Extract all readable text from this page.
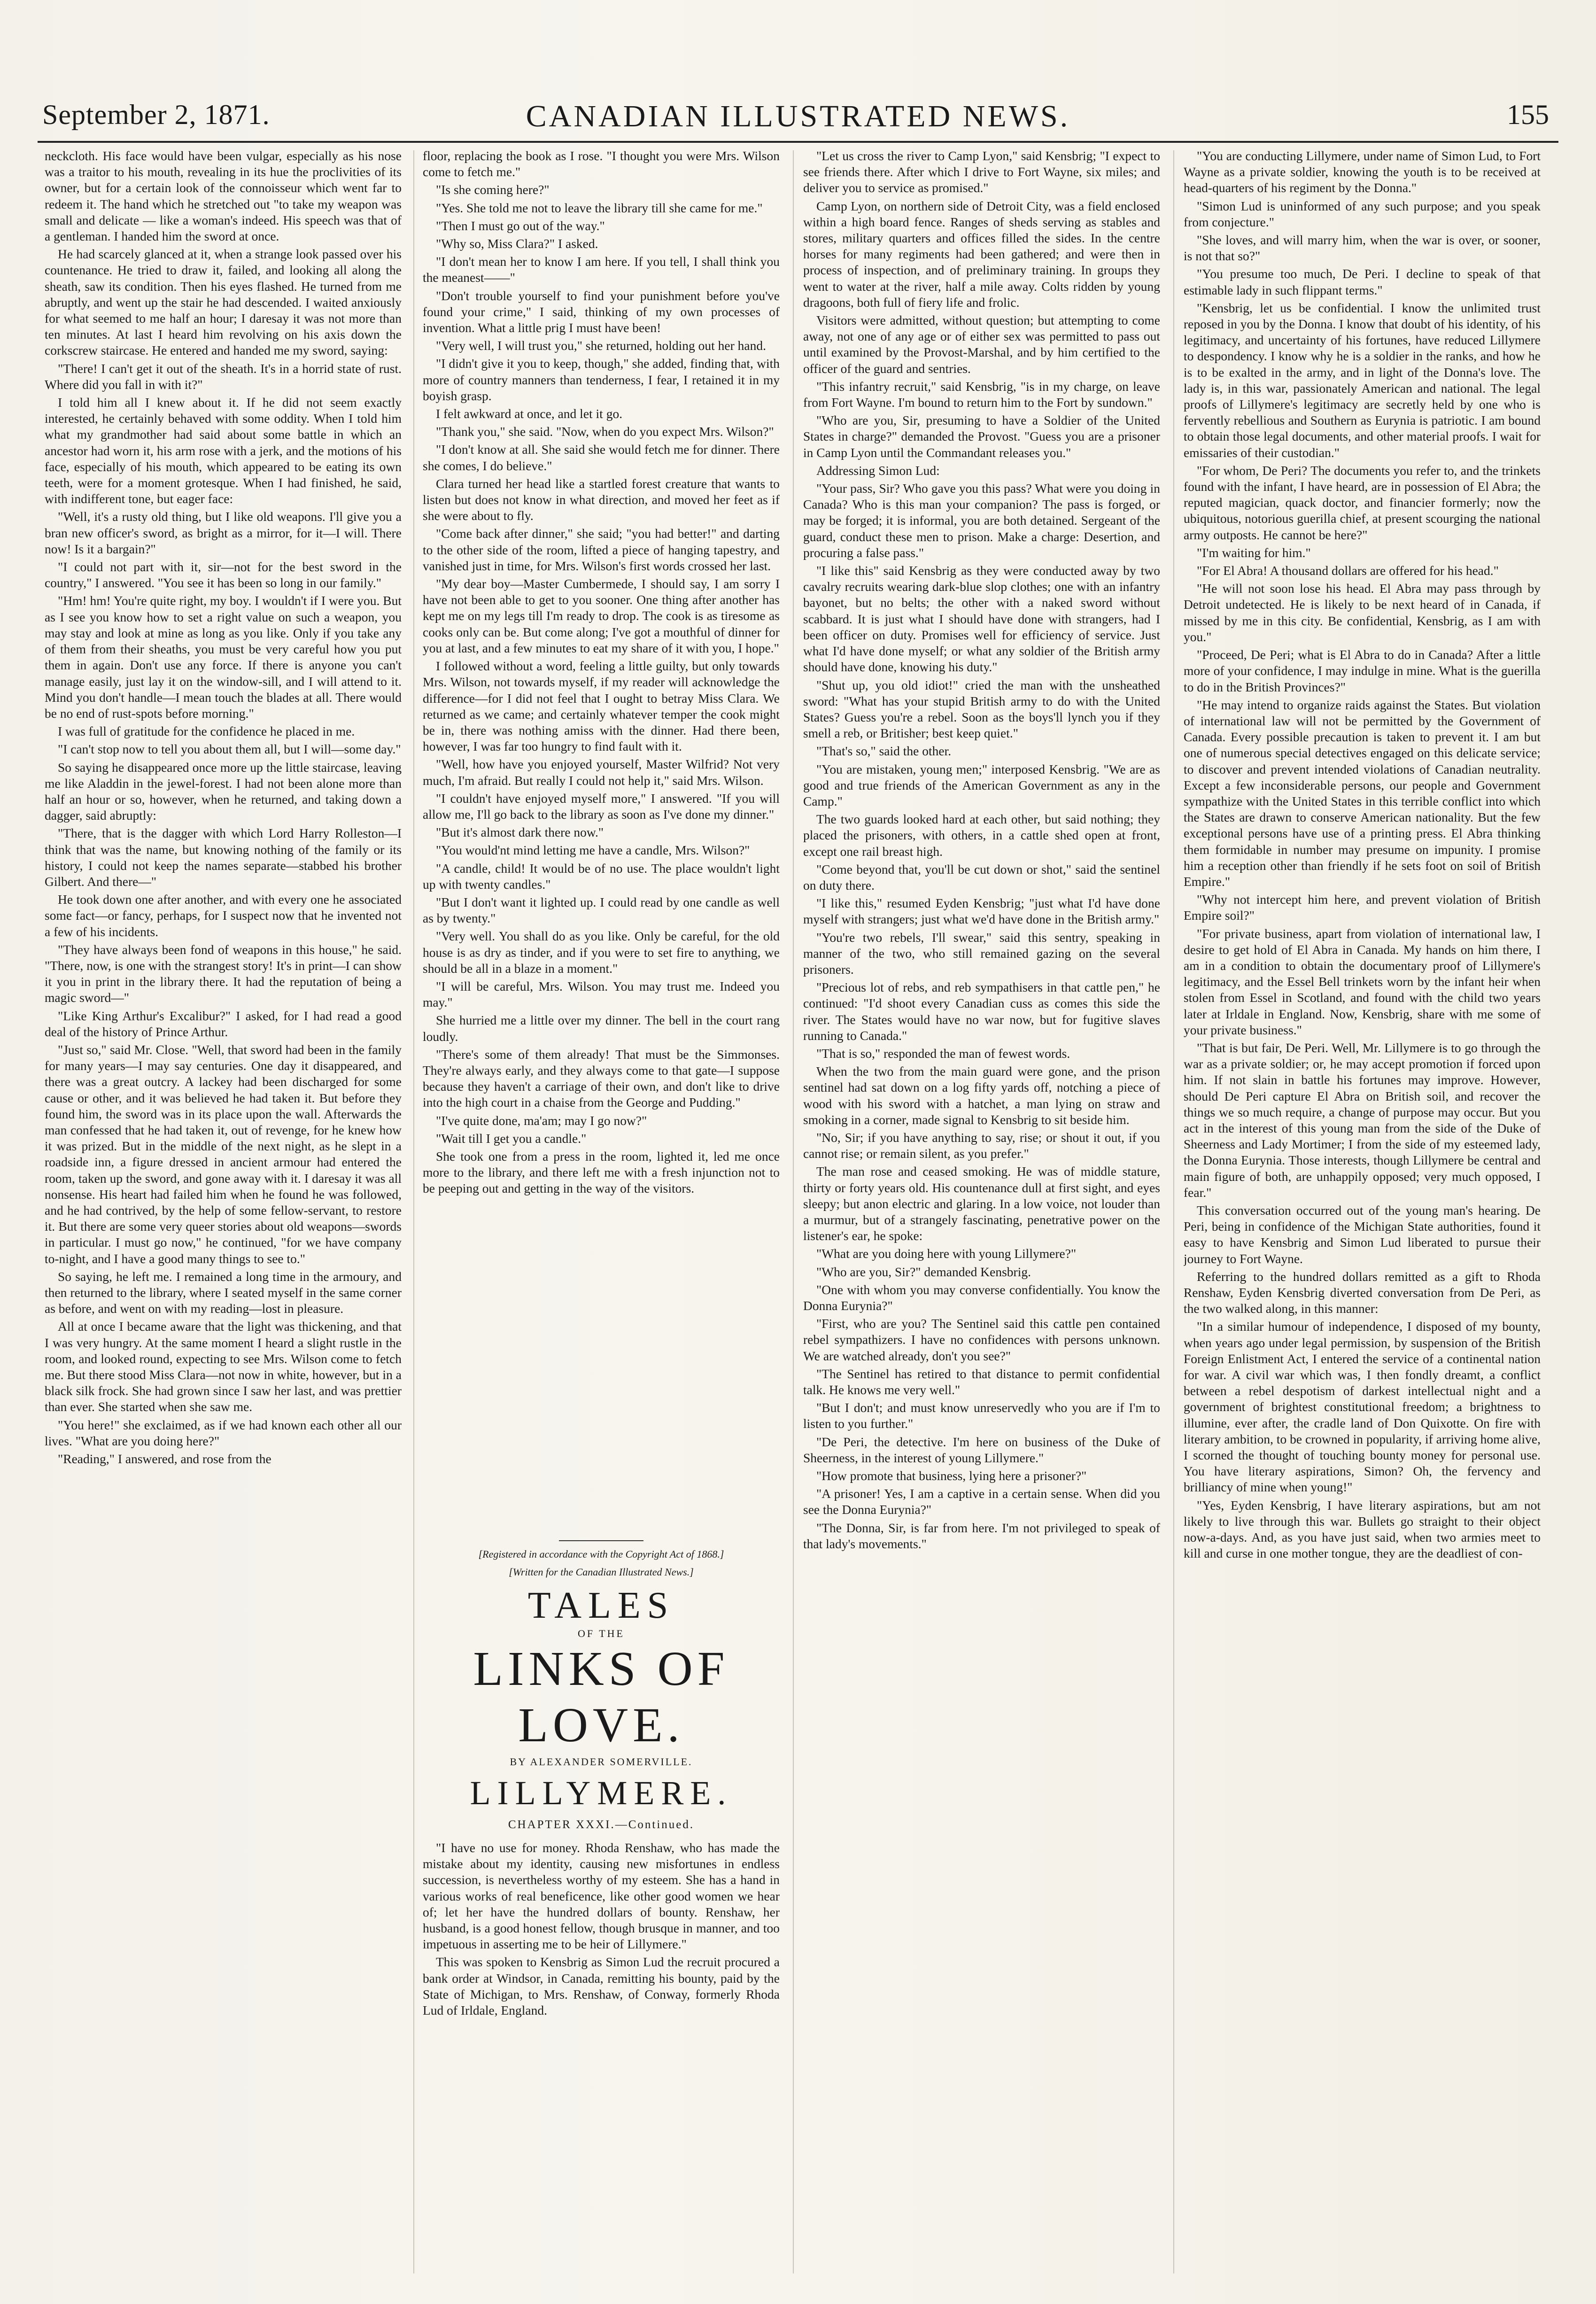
September 2, 1871.	CANADIAN ILLUSTRATED NEWS.	155

neckcloth. His face would have been vulgar, especially as his nose was a traitor to his mouth, revealing in its hue the proclivities of its owner, but for a certain look of the connoisseur which went far to redeem it. The hand which he stretched out "to take my weapon was small and delicate — like a woman's indeed. His speech was that of a gentleman. I handed him the sword at once.

He had scarcely glanced at it, when a strange look passed over his countenance. He tried to draw it, failed, and looking all along the sheath, saw its condition. Then his eyes flashed. He turned from me abruptly, and went up the stair he had descended. I waited anxiously for what seemed to me half an hour; I daresay it was not more than ten minutes. At last I heard him revolving on his axis down the corkscrew staircase. He entered and handed me my sword, saying:

"There! I can't get it out of the sheath. It's in a horrid state of rust. Where did you fall in with it?"

I told him all I knew about it. If he did not seem exactly interested, he certainly behaved with some oddity. When I told him what my grandmother had said about some battle in which an ancestor had worn it, his arm rose with a jerk, and the motions of his face, especially of his mouth, which appeared to be eating its own teeth, were for a moment grotesque. When I had finished, he said, with indifferent tone, but eager face:

"Well, it's a rusty old thing, but I like old weapons. I'll give you a bran new officer's sword, as bright as a mirror, for it—I will. There now! Is it a bargain?"

"I could not part with it, sir—not for the best sword in the country," I answered. "You see it has been so long in our family."

"Hm! hm! You're quite right, my boy. I wouldn't if I were you. But as I see you know how to set a right value on such a weapon, you may stay and look at mine as long as you like. Only if you take any of them from their sheaths, you must be very careful how you put them in again. Don't use any force. If there is anyone you can't manage easily, just lay it on the window-sill, and I will attend to it. Mind you don't handle—I mean touch the blades at all. There would be no end of rust-spots before morning."

I was full of gratitude for the confidence he placed in me.

"I can't stop now to tell you about them all, but I will—some day."

So saying he disappeared once more up the little staircase, leaving me like Aladdin in the jewel-forest. I had not been alone more than half an hour or so, however, when he returned, and taking down a dagger, said abruptly:

"There, that is the dagger with which Lord Harry Rolleston—I think that was the name, but knowing nothing of the family or its history, I could not keep the names separate—stabbed his brother Gilbert. And there—"

He took down one after another, and with every one he associated some fact—or fancy, perhaps, for I suspect now that he invented not a few of his incidents.

"They have always been fond of weapons in this house," he said. "There, now, is one with the strangest story! It's in print—I can show it you in print in the library there. It had the reputation of being a magic sword—"

"Like King Arthur's Excalibur?" I asked, for I had read a good deal of the history of Prince Arthur.

"Just so," said Mr. Close. "Well, that sword had been in the family for many years—I may say centuries. One day it disappeared, and there was a great outcry. A lackey had been discharged for some cause or other, and it was believed he had taken it. But before they found him, the sword was in its place upon the wall. Afterwards the man confessed that he had taken it, out of revenge, for he knew how it was prized. But in the middle of the next night, as he slept in a roadside inn, a figure dressed in ancient armour had entered the room, taken up the sword, and gone away with it. I daresay it was all nonsense. His heart had failed him when he found he was followed, and he had contrived, by the help of some fellow-servant, to restore it. But there are some very queer stories about old weapons—swords in particular. I must go now," he continued, "for we have company to-night, and I have a good many things to see to."

So saying, he left me. I remained a long time in the armoury, and then returned to the library, where I seated myself in the same corner as before, and went on with my reading—lost in pleasure.

All at once I became aware that the light was thickening, and that I was very hungry. At the same moment I heard a slight rustle in the room, and looked round, expecting to see Mrs. Wilson come to fetch me. But there stood Miss Clara—not now in white, however, but in a black silk frock. She had grown since I saw her last, and was prettier than ever. She started when she saw me.

"You here!" she exclaimed, as if we had known each other all our lives. "What are you doing here?"

"Reading," I answered, and rose from the

floor, replacing the book as I rose. "I thought you were Mrs. Wilson come to fetch me."

"Is she coming here?"

"Yes. She told me not to leave the library till she came for me."

"Then I must go out of the way."

"Why so, Miss Clara?" I asked.

"I don't mean her to know I am here. If you tell, I shall think you the meanest——"

"Don't trouble yourself to find your punishment before you've found your crime," I said, thinking of my own processes of invention. What a little prig I must have been!

"Very well, I will trust you," she returned, holding out her hand.

"I didn't give it you to keep, though," she added, finding that, with more of country manners than tenderness, I fear, I retained it in my boyish grasp.

I felt awkward at once, and let it go.

"Thank you," she said. "Now, when do you expect Mrs. Wilson?"

"I don't know at all. She said she would fetch me for dinner. There she comes, I do believe."

Clara turned her head like a startled forest creature that wants to listen but does not know in what direction, and moved her feet as if she were about to fly.

"Come back after dinner," she said; "you had better!" and darting to the other side of the room, lifted a piece of hanging tapestry, and vanished just in time, for Mrs. Wilson's first words crossed her last.

"My dear boy—Master Cumbermede, I should say, I am sorry I have not been able to get to you sooner. One thing after another has kept me on my legs till I'm ready to drop. The cook is as tiresome as cooks only can be. But come along; I've got a mouthful of dinner for you at last, and a few minutes to eat my share of it with you, I hope."

I followed without a word, feeling a little guilty, but only towards Mrs. Wilson, not towards myself, if my reader will acknowledge the difference—for I did not feel that I ought to betray Miss Clara. We returned as we came; and certainly whatever temper the cook might be in, there was nothing amiss with the dinner. Had there been, however, I was far too hungry to find fault with it.

"Well, how have you enjoyed yourself, Master Wilfrid? Not very much, I'm afraid. But really I could not help it," said Mrs. Wilson.

"I couldn't have enjoyed myself more," I answered. "If you will allow me, I'll go back to the library as soon as I've done my dinner."

"But it's almost dark there now."

"You would'nt mind letting me have a candle, Mrs. Wilson?"

"A candle, child! It would be of no use. The place wouldn't light up with twenty candles."

"But I don't want it lighted up. I could read by one candle as well as by twenty."

"Very well. You shall do as you like. Only be careful, for the old house is as dry as tinder, and if you were to set fire to anything, we should be all in a blaze in a moment."

"I will be careful, Mrs. Wilson. You may trust me. Indeed you may."

She hurried me a little over my dinner. The bell in the court rang loudly.

"There's some of them already! That must be the Simmonses. They're always early, and they always come to that gate—I suppose because they haven't a carriage of their own, and don't like to drive into the high court in a chaise from the George and Pudding."

"I've quite done, ma'am; may I go now?"

"Wait till I get you a candle."

She took one from a press in the room, lighted it, led me once more to the library, and there left me with a fresh injunction not to be peeping out and getting in the way of the visitors.

[Registered in accordance with the Copyright Act of 1868.]
[Written for the Canadian Illustrated News.]
TALES
OF THE
LINKS OF LOVE.
BY ALEXANDER SOMERVILLE.
LILLYMERE.
CHAPTER XXXI.—Continued.

"I have no use for money. Rhoda Renshaw, who has made the mistake about my identity, causing new misfortunes in endless succession, is nevertheless worthy of my esteem. She has a hand in various works of real beneficence, like other good women we hear of; let her have the hundred dollars of bounty. Renshaw, her husband, is a good honest fellow, though brusque in manner, and too impetuous in asserting me to be heir of Lillymere."

This was spoken to Kensbrig as Simon Lud the recruit procured a bank order at Windsor, in Canada, remitting his bounty, paid by the State of Michigan, to Mrs. Renshaw, of Conway, formerly Rhoda Lud of Irldale, England.

"Let us cross the river to Camp Lyon," said Kensbrig; "I expect to see friends there. After which I drive to Fort Wayne, six miles; and deliver you to service as promised."

Camp Lyon, on northern side of Detroit City, was a field enclosed within a high board fence. Ranges of sheds serving as stables and stores, military quarters and offices filled the sides. In the centre horses for many regiments had been gathered; and were then in process of inspection, and of preliminary training. In groups they went to water at the river, half a mile away. Colts ridden by young dragoons, both full of fiery life and frolic.

Visitors were admitted, without question; but attempting to come away, not one of any age or of either sex was permitted to pass out until examined by the Provost-Marshal, and by him certified to the officer of the guard and sentries.

"This infantry recruit," said Kensbrig, "is in my charge, on leave from Fort Wayne. I'm bound to return him to the Fort by sundown."

"Who are you, Sir, presuming to have a Soldier of the United States in charge?" demanded the Provost. "Guess you are a prisoner in Camp Lyon until the Commandant releases you."

Addressing Simon Lud:

"Your pass, Sir? Who gave you this pass? What were you doing in Canada? Who is this man your companion? The pass is forged, or may be forged; it is informal, you are both detained. Sergeant of the guard, conduct these men to prison. Make a charge: Desertion, and procuring a false pass."

"I like this" said Kensbrig as they were conducted away by two cavalry recruits wearing dark-blue slop clothes; one with an infantry bayonet, but no belts; the other with a naked sword without scabbard. It is just what I should have done with strangers, had I been officer on duty. Promises well for efficiency of service. Just what I'd have done myself; or what any soldier of the British army should have done, knowing his duty."

"Shut up, you old idiot!" cried the man with the unsheathed sword: "What has your stupid British army to do with the United States? Guess you're a rebel. Soon as the boys'll lynch you if they smell a reb, or Britisher; best keep quiet."

"That's so," said the other.

"You are mistaken, young men;" interposed Kensbrig. "We are as good and true friends of the American Government as any in the Camp."

The two guards looked hard at each other, but said nothing; they placed the prisoners, with others, in a cattle shed open at front, except one rail breast high.

"Come beyond that, you'll be cut down or shot," said the sentinel on duty there.

"I like this," resumed Eyden Kensbrig; "just what I'd have done myself with strangers; just what we'd have done in the British army."

"You're two rebels, I'll swear," said this sentry, speaking in manner of the two, who still remained gazing on the several prisoners.

"Precious lot of rebs, and reb sympathisers in that cattle pen," he continued: "I'd shoot every Canadian cuss as comes this side the river. The States would have no war now, but for fugitive slaves running to Canada."

"That is so," responded the man of fewest words.

When the two from the main guard were gone, and the prison sentinel had sat down on a log fifty yards off, notching a piece of wood with his sword with a hatchet, a man lying on straw and smoking in a corner, made signal to Kensbrig to sit beside him.

"No, Sir; if you have anything to say, rise; or shout it out, if you cannot rise; or remain silent, as you prefer."

The man rose and ceased smoking. He was of middle stature, thirty or forty years old. His countenance dull at first sight, and eyes sleepy; but anon electric and glaring. In a low voice, not louder than a murmur, but of a strangely fascinating, penetrative power on the listener's ear, he spoke:

"What are you doing here with young Lillymere?"

"Who are you, Sir?" demanded Kensbrig.

"One with whom you may converse confidentially. You know the Donna Eurynia?"

"First, who are you? The Sentinel said this cattle pen contained rebel sympathizers. I have no confidences with persons unknown. We are watched already, don't you see?"

"The Sentinel has retired to that distance to permit confidential talk. He knows me very well."

"But I don't; and must know unreservedly who you are if I'm to listen to you further."

"De Peri, the detective. I'm here on business of the Duke of Sheerness, in the interest of young Lillymere."

"How promote that business, lying here a prisoner?"

"A prisoner! Yes, I am a captive in a certain sense. When did you see the Donna Eurynia?"

"The Donna, Sir, is far from here. I'm not privileged to speak of that lady's movements."

"You are conducting Lillymere, under name of Simon Lud, to Fort Wayne as a private soldier, knowing the youth is to be received at head-quarters of his regiment by the Donna."

"Simon Lud is uninformed of any such purpose; and you speak from conjecture."

"She loves, and will marry him, when the war is over, or sooner, is not that so?"

"You presume too much, De Peri. I decline to speak of that estimable lady in such flippant terms."

"Kensbrig, let us be confidential. I know the unlimited trust reposed in you by the Donna. I know that doubt of his identity, of his legitimacy, and uncertainty of his fortunes, have reduced Lillymere to despondency. I know why he is a soldier in the ranks, and how he is to be exalted in the army, and in light of the Donna's love. The lady is, in this war, passionately American and national. The legal proofs of Lillymere's legitimacy are secretly held by one who is fervently rebellious and Southern as Eurynia is patriotic. I am bound to obtain those legal documents, and other material proofs. I wait for emissaries of their custodian."

"For whom, De Peri? The documents you refer to, and the trinkets found with the infant, I have heard, are in possession of El Abra; the reputed magician, quack doctor, and financier formerly; now the ubiquitous, notorious guerilla chief, at present scourging the national army outposts. He cannot be here?"

"I'm waiting for him."

"For El Abra! A thousand dollars are offered for his head."

"He will not soon lose his head. El Abra may pass through by Detroit undetected. He is likely to be next heard of in Canada, if missed by me in this city. Be confidential, Kensbrig, as I am with you."

"Proceed, De Peri; what is El Abra to do in Canada? After a little more of your confidence, I may indulge in mine. What is the guerilla to do in the British Provinces?"

"He may intend to organize raids against the States. But violation of international law will not be permitted by the Government of Canada. Every possible precaution is taken to prevent it. I am but one of numerous special detectives engaged on this delicate service; to discover and prevent intended violations of Canadian neutrality. Except a few inconsiderable persons, our people and Government sympathize with the United States in this terrible conflict into which the States are drawn to conserve American nationality. But the few exceptional persons have use of a printing press. El Abra thinking them formidable in number may presume on impunity. I promise him a reception other than friendly if he sets foot on soil of British Empire."

"Why not intercept him here, and prevent violation of British Empire soil?"

"For private business, apart from violation of international law, I desire to get hold of El Abra in Canada. My hands on him there, I am in a condition to obtain the documentary proof of Lillymere's legitimacy, and the Essel Bell trinkets worn by the infant heir when stolen from Essel in Scotland, and found with the child two years later at Irldale in England. Now, Kensbrig, share with me some of your private business."

"That is but fair, De Peri. Well, Mr. Lillymere is to go through the war as a private soldier; or, he may accept promotion if forced upon him. If not slain in battle his fortunes may improve. However, should De Peri capture El Abra on British soil, and recover the things we so much require, a change of purpose may occur. But you act in the interest of this young man from the side of the Duke of Sheerness and Lady Mortimer; I from the side of my esteemed lady, the Donna Eurynia. Those interests, though Lillymere be central and main figure of both, are unhappily opposed; very much opposed, I fear."

This conversation occurred out of the young man's hearing. De Peri, being in confidence of the Michigan State authorities, found it easy to have Kensbrig and Simon Lud liberated to pursue their journey to Fort Wayne.

Referring to the hundred dollars remitted as a gift to Rhoda Renshaw, Eyden Kensbrig diverted conversation from De Peri, as the two walked along, in this manner:

"In a similar humour of independence, I disposed of my bounty, when years ago under legal permission, by suspension of the British Foreign Enlistment Act, I entered the service of a continental nation for war. A civil war which was, I then fondly dreamt, a conflict between a rebel despotism of darkest intellectual night and a government of brightest constitutional freedom; a brightness to illumine, ever after, the cradle land of Don Quixotte. On fire with literary ambition, to be crowned in popularity, if arriving home alive, I scorned the thought of touching bounty money for personal use. You have literary aspirations, Simon? Oh, the fervency and brilliancy of mine when young!"

"Yes, Eyden Kensbrig, I have literary aspirations, but am not likely to live through this war. Bullets go straight to their object now-a-days. And, as you have just said, when two armies meet to kill and curse in one mother tongue, they are the deadliest of con-
